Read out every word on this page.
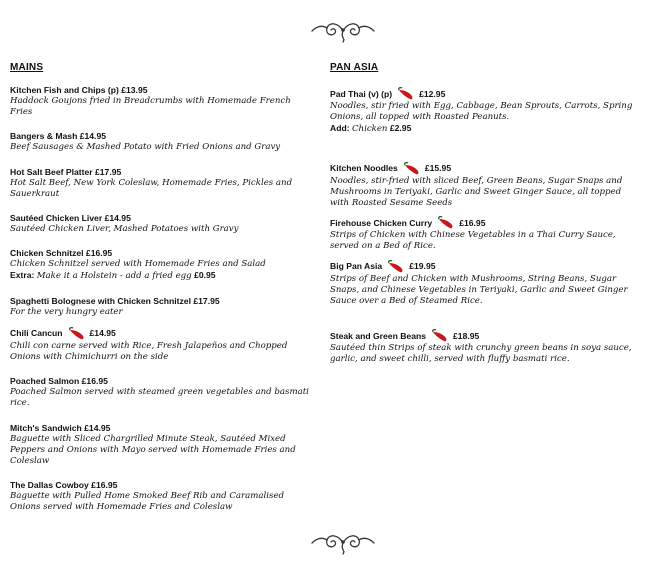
MAINS
Kitchen Fish and Chips (p) £13.95
Haddock Goujons fried in Breadcrumbs with Homemade French Fries
Bangers & Mash £14.95
Beef Sausages & Mashed Potato with Fried Onions and Gravy
Hot Salt Beef Platter £17.95
Hot Salt Beef, New York Coleslaw, Homemade Fries, Pickles and Sauerkraut
Sautéed Chicken Liver £14.95
Sautéed Chicken Liver, Mashed Potatoes with Gravy
Chicken Schnitzel £16.95
Chicken Schnitzel served with Homemade Fries and Salad
Extra: Make it a Holstein - add a fried egg £0.95
Spaghetti Bolognese with Chicken Schnitzel £17.95
For the very hungry eater
Chili Cancun	£14.95
Chili con carne served with Rice, Fresh Jalapeños and Chopped Onions with Chimichurri on the side
Poached Salmon £16.95
Poached Salmon served with steamed green vegetables and basmati rice.
Mitch's Sandwich £14.95
Baguette with Sliced Chargrilled Minute Steak, Sautéed Mixed Peppers and Onions with Mayo served with Homemade Fries and Coleslaw
The Dallas Cowboy £16.95
Baguette with Pulled Home Smoked Beef Rib and Caramalised Onions served with Homemade Fries and Coleslaw
PAN ASIA
Pad Thai (v) (p)	£12.95
Noodles, stir fried with Egg, Cabbage, Bean Sprouts, Carrots, Spring Onions, all topped with Roasted Peanuts.
Add: Chicken £2.95
Kitchen Noodles	£15.95
Noodles, stir-fried with sliced Beef, Green Beans, Sugar Snaps and Mushrooms in Teriyaki, Garlic and Sweet Ginger Sauce, all topped with Roasted Sesame Seeds
Firehouse Chicken Curry	£16.95
Strips of Chicken with Chinese Vegetables in a Thai Curry Sauce, served on a Bed of Rice.
Big Pan Asia	£19.95
Strips of Beef and Chicken with Mushrooms, String Beans, Sugar Snaps, and Chinese Vegetables in Teriyaki, Garlic and Sweet Ginger Sauce over a Bed of Steamed Rice.
Steak and Green Beans	£18.95
Sautéed thin Strips of steak with crunchy green beans in soya sauce, garlic, and sweet chilli, served with fluffy basmati rice.
